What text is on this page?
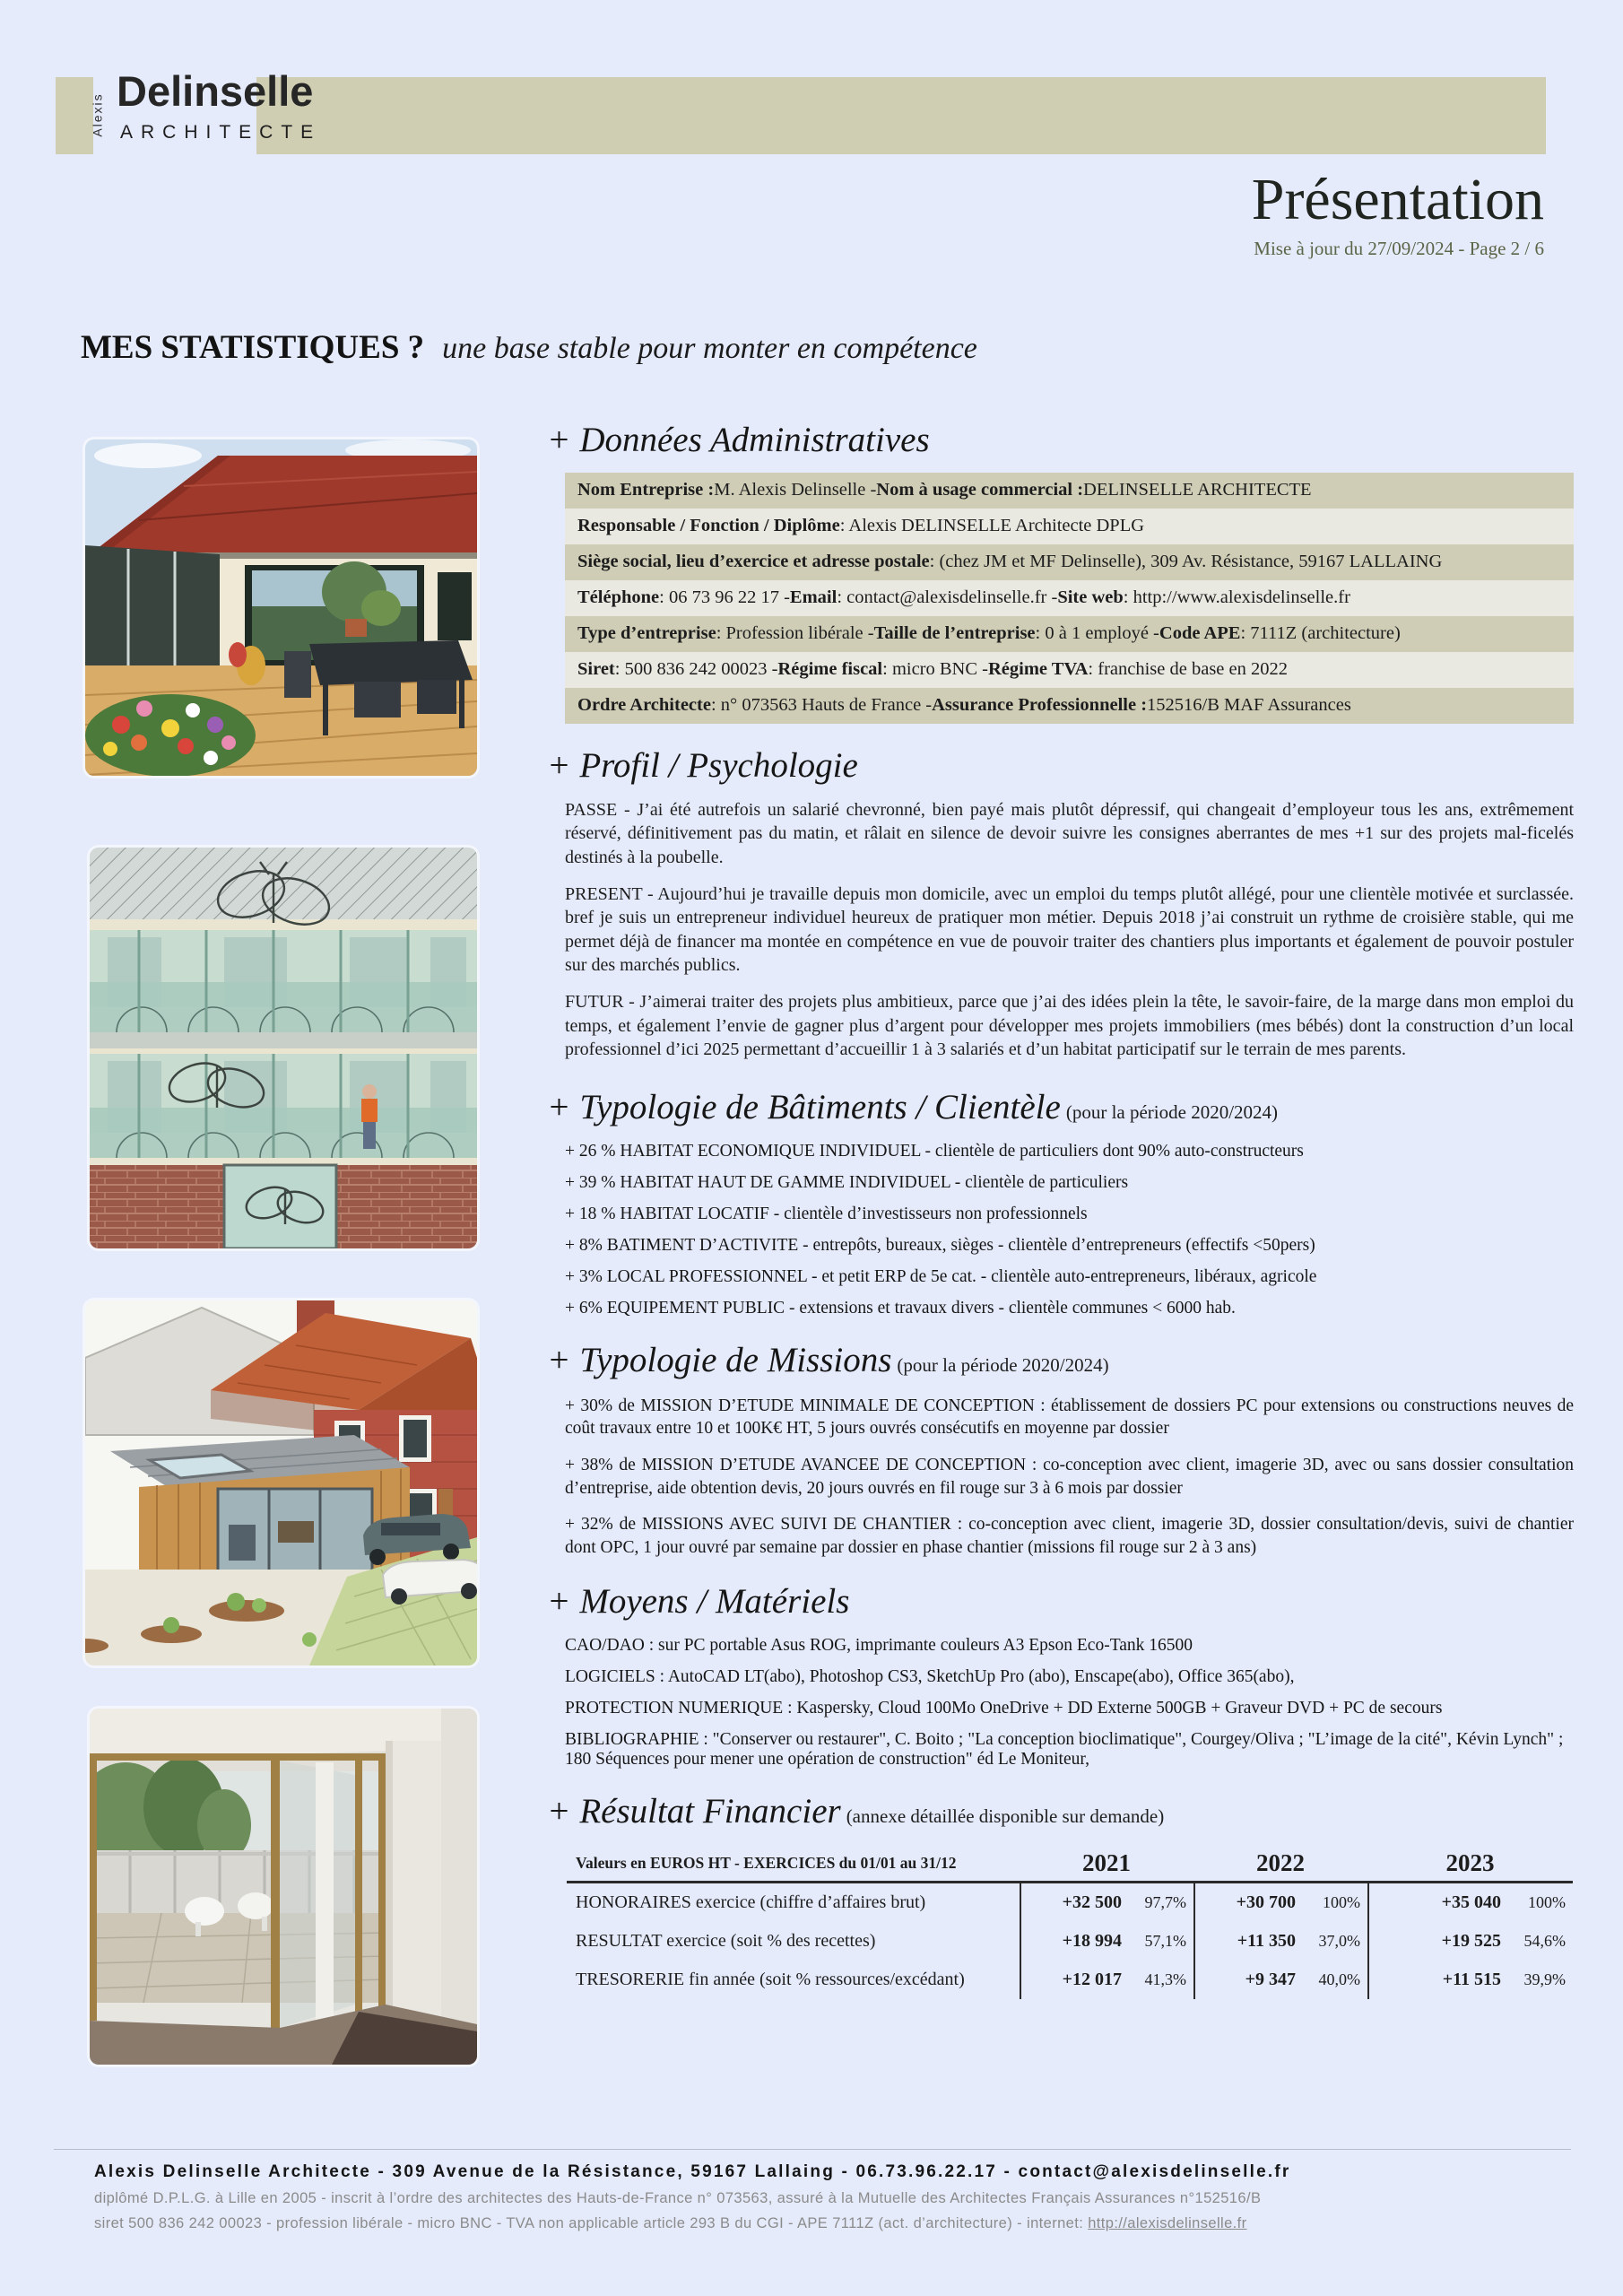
Alexis Delinselle
ARCHITECTE
Présentation
Mise à jour du 27/09/2024 - Page 2 / 6
MES STATISTIQUES ? une base stable pour monter en compétence
+ Données Administratives
Nom Entreprise : M. Alexis Delinselle - Nom à usage commercial : DELINSELLE ARCHITECTE
Responsable / Fonction / Diplôme : Alexis DELINSELLE Architecte DPLG
Siège social, lieu d’exercice et adresse postale : (chez JM et MF Delinselle), 309 Av. Résistance, 59167 LALLAING
Téléphone : 06 73 96 22 17 - Email : contact@alexisdelinselle.fr - Site web : http://www.alexisdelinselle.fr
Type d’entreprise : Profession libérale - Taille de l’entreprise : 0 à 1 employé - Code APE : 7111Z (architecture)
Siret : 500 836 242 00023 - Régime fiscal : micro BNC - Régime TVA : franchise de base en 2022
Ordre Architecte : n° 073563 Hauts de France - Assurance Professionnelle : 152516/B MAF Assurances
+ Profil / Psychologie

PASSE - J’ai été autrefois un salarié chevronné, bien payé mais plutôt dépressif, qui changeait d’employeur tous les ans, extrêmement réservé, définitivement pas du matin, et râlait en silence de devoir suivre les consignes aberrantes de mes +1 sur des projets mal-ficelés destinés à la poubelle.

PRESENT - Aujourd’hui je travaille depuis mon domicile, avec un emploi du temps plutôt allégé, pour une clientèle motivée et surclassée. bref je suis un entrepreneur individuel heureux de pratiquer mon métier. Depuis 2018 j’ai construit un rythme de croisière stable, qui me permet déjà de financer ma montée en compétence en vue de pouvoir traiter des chantiers plus importants et également de pouvoir postuler sur des marchés publics.

FUTUR - J’aimerai traiter des projets plus ambitieux, parce que j’ai des idées plein la tête, le savoir-faire, de la marge dans mon emploi du temps, et également l’envie de gagner plus d’argent pour développer mes projets immobiliers (mes bébés) dont la construction d’un local professionnel d’ici 2025 permettant d’accueillir 1 à 3 salariés et d’un habitat participatif sur le terrain de mes parents.

+ Typologie de Bâtiments / Clientèle (pour la période 2020/2024)
+ 26 % HABITAT ECONOMIQUE INDIVIDUEL - clientèle de particuliers dont 90% auto-constructeurs
+ 39 % HABITAT HAUT DE GAMME INDIVIDUEL - clientèle de particuliers
+ 18 % HABITAT LOCATIF - clientèle d’investisseurs non professionnels
+ 8% BATIMENT D’ACTIVITE - entrepôts, bureaux, sièges - clientèle d’entrepreneurs (effectifs <50pers)
+ 3% LOCAL PROFESSIONNEL - et petit ERP de 5e cat. - clientèle auto-entrepreneurs, libéraux, agricole
+ 6% EQUIPEMENT PUBLIC - extensions et travaux divers - clientèle communes < 6000 hab.
+ Typologie de Missions (pour la période 2020/2024)
+ 30% de MISSION D’ETUDE MINIMALE DE CONCEPTION : établissement de dossiers PC pour extensions ou constructions neuves de coût travaux entre 10 et 100K€ HT, 5 jours ouvrés consécutifs en moyenne par dossier
+ 38% de MISSION D’ETUDE AVANCEE DE CONCEPTION : co-conception avec client, imagerie 3D, avec ou sans dossier consultation d’entreprise, aide obtention devis, 20 jours ouvrés en fil rouge sur 3 à 6 mois par dossier
+ 32% de MISSIONS AVEC SUIVI DE CHANTIER : co-conception avec client, imagerie 3D, dossier consultation/devis, suivi de chantier dont OPC, 1 jour ouvré par semaine par dossier en phase chantier (missions fil rouge sur 2 à 3 ans)
+ Moyens / Matériels
CAO/DAO : sur PC portable Asus ROG, imprimante couleurs A3 Epson Eco-Tank 16500
LOGICIELS : AutoCAD LT(abo), Photoshop CS3, SketchUp Pro (abo), Enscape(abo), Office 365(abo),
PROTECTION NUMERIQUE : Kaspersky, Cloud 100Mo OneDrive + DD Externe 500GB + Graveur DVD + PC de secours
BIBLIOGRAPHIE : "Conserver ou restaurer", C. Boito ; "La conception bioclimatique", Courgey/Oliva ; "L’image de la cité", Kévin Lynch" ; 180 Séquences pour mener une opération de construction" éd Le Moniteur,
+ Résultat Financier (annexe détaillée disponible sur demande)
Valeurs en EUROS HT - EXERCICES du 01/01 au 31/12	2021	2022	2023
HONORAIRES exercice (chiffre d’affaires brut)	+32 500	97,7%	+30 700	100%	+35 040	100%
RESULTAT exercice (soit % des recettes)	+18 994	57,1%	+11 350	37,0%	+19 525	54,6%
TRESORERIE fin année (soit % ressources/excédant)	+12 017	41,3%	+9 347	40,0%	+11 515	39,9%
Alexis Delinselle Architecte - 309 Avenue de la Résistance, 59167 Lallaing - 06.73.96.22.17 - contact@alexisdelinselle.fr
diplômé D.P.L.G. à Lille en 2005 - inscrit à l’ordre des architectes des Hauts-de-France n° 073563, assuré à la Mutuelle des Architectes Français Assurances n°152516/B
siret 500 836 242 00023 - profession libérale - micro BNC - TVA non applicable article 293 B du CGI - APE 7111Z (act. d’architecture) - internet: http://alexisdelinselle.fr
